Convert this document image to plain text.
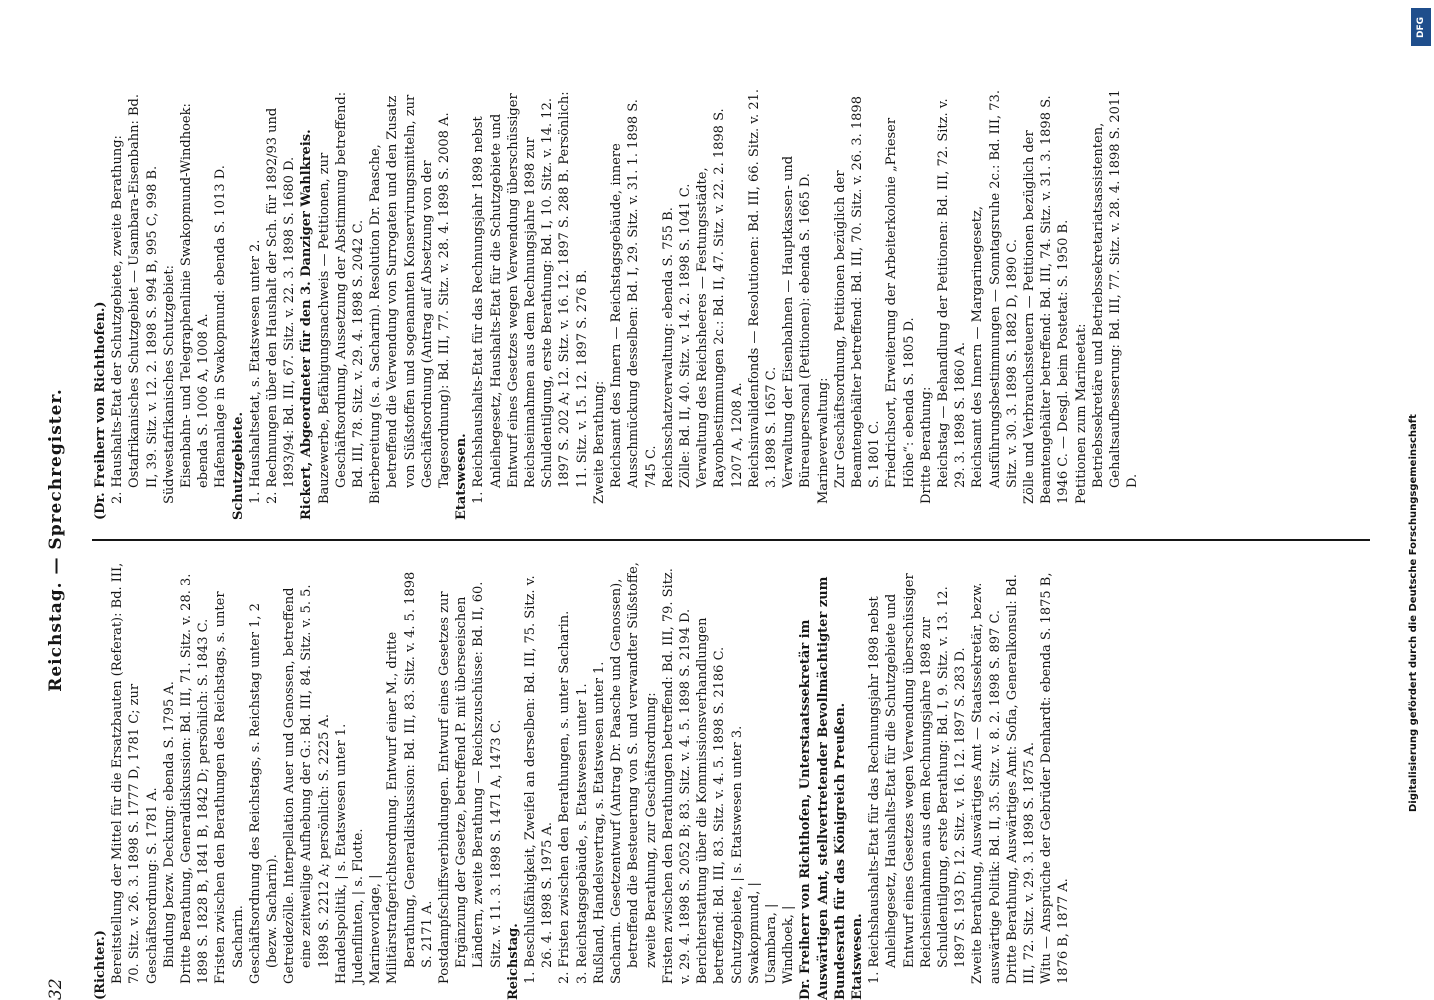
32
Reichstag. — Sprechregister.

(Richter.) Bereitstellung der Mittel für die Ersatzbauten (Referat): Bd. III, 70. Sitz. v. 26. 3. 1898 S. 1777 D, 1781 C; zur Geschäftsordnung: S. 1781 A. Bindung bezw. Deckung: ebenda S. 1795 A. Dritte Berathung, Generaldiskussion: Bd. III, 71. Sitz. v. 28. 3. 1898 S. 1828 B, 1841 B, 1842 D; persönlich: S. 1843 C. Fristen zwischen den Berathungen des Reichstags, s. unter Sacharin. Geschäftsordnung des Reichstags, s. Reichstag unter 1, 2 (bezw. Sacharin). Getreidezölle. Interpellation Auer und Genossen, betreffend eine zeitweilige Aufhebung der G.: Bd. III, 84. Sitz. v. 5. 5. 1898 S. 2212 A; persönlich: S. 2225 A. Handelspolitik, | s. Etatswesen unter 1. Judenflinten, | s. Flotte. Marinevorlage, | Militärstrafgerichtsordnung. Entwurf einer M., dritte Berathung, Generaldiskussion: Bd. III, 83. Sitz. v. 4. 5. 1898 S. 2171 A. Postdampfschiffsverbindungen. Entwurf eines Gesetzes zur Ergänzung der Gesetze, betreffend P. mit überseeischen Ländern, zweite Berathung — Reichszuschüsse: Bd. II, 60. Sitz. v. 11. 3. 1898 S. 1471 A, 1473 C. Reichstag. 1. Beschlußfähigkeit, Zweifel an derselben: Bd. III, 75. Sitz. v. 26. 4. 1898 S. 1975 A. 2. Fristen zwischen den Berathungen, s. unter Sacharin. 3. Reichstagsgebäude, s. Etatswesen unter 1. Rußland, Handelsvertrag, s. Etatswesen unter 1. Sacharin. Gesetzentwurf (Antrag Dr. Paasche und Genossen), betreffend die Besteuerung von S. und verwandter Süßstoffe, zweite Berathung, zur Geschäftsordnung: Fristen zwischen den Berathungen betreffend: Bd. III, 79. Sitz. v. 29. 4. 1898 S. 2052 B; 83. Sitz. v. 4. 5. 1898 S. 2194 D. Berichterstattung über die Kommissionsverhandlungen betreffend: Bd. III, 83. Sitz. v. 4. 5. 1898 S. 2186 C. Schutzgebiete, | s. Etatswesen unter 3. Swakopmund, | Usambara, | Windhoek, | Dr. Freiherr von Richthofen, Unterstaatssekretär im Auswärtigen Amt, stellvertretender Bevollmächtigter zum Bundesrath für das Königreich Preußen. Etatswesen. 1. Reichshaushalts-Etat für das Rechnungsjahr 1898 nebst Anleihegesetz, Haushalts-Etat für die Schutzgebiete und Entwurf eines Gesetzes wegen Verwendung überschüssiger Reichseinnahmen aus dem Rechnungsjahre 1898 zur Schuldentilgung, erste Berathung: Bd. I, 9. Sitz. v. 13. 12. 1897 S. 193 D; 12. Sitz. v. 16. 12. 1897 S. 283 D. Zweite Berathung, Auswärtiges Amt — Staatssekretär, bezw. auswärtige Politik: Bd. II, 35. Sitz. v. 8. 2. 1898 S. 897 C. Dritte Berathung, Auswärtiges Amt: Sofia, Generalkonsul: Bd. III, 72. Sitz. v. 29. 3. 1898 S. 1875 A. Witu — Ansprüche der Gebrüder Denhardt: ebenda S. 1875 B, 1876 B, 1877 A.

(Dr. Freiherr von Richthofen.) 2. Haushalts-Etat der Schutzgebiete, zweite Berathung: Ostafrikanisches Schutzgebiet — Usambara-Eisenbahn: Bd. II, 39. Sitz. v. 12. 2. 1898 S. 994 B, 995 C, 998 B. Südwestafrikanisches Schutzgebiet: Eisenbahn- und Telegraphenlinie Swakopmund-Windhoek: ebenda S. 1006 A, 1008 A. Hafenanlage in Swakopmund: ebenda S. 1013 D. Schutzgebiete. 1. Haushaltsetat, s. Etatswesen unter 2. 2. Rechnungen über den Haushalt der Sch. für 1892/93 und 1893/94: Bd. III, 67. Sitz. v. 22. 3. 1898 S. 1680 D. Rickert, Abgeordneter für den 3. Danziger Wahlkreis. Bauzewerbe, Befähigungsnachweis — Petitionen, zur Geschäftsordnung, Aussetzung der Abstimmung betreffend: Bd. III, 78. Sitz. v. 29. 4. 1898 S. 2042 C. Bierbereitung (s. a. Sacharin). Resolution Dr. Paasche, betreffend die Verwendung von Surrogaten und den Zusatz von Süßstoffen und sogenannten Konservirungsmitteln, zur Geschäftsordnung (Antrag auf Absetzung von der Tagesordnung): Bd. III, 77. Sitz. v. 28. 4. 1898 S. 2008 A. Etatswesen. 1. Reichshaushalts-Etat für das Rechnungsjahr 1898 nebst Anleihegesetz, Haushalts-Etat für die Schutzgebiete und Entwurf eines Gesetzes wegen Verwendung überschüssiger Reichseinnahmen aus dem Rechnungsjahre 1898 zur Schuldentilgung, erste Berathung: Bd. I, 10. Sitz. v. 14. 12. 1897 S. 202 A; 12. Sitz. v. 16. 12. 1897 S. 288 B. Persönlich: 11. Sitz. v. 15. 12. 1897 S. 276 B. Zweite Berathung: Reichsamt des Innern — Reichstagsgebäude, innere Ausschmückung desselben: Bd. I, 29. Sitz. v. 31. 1. 1898 S. 745 C. Reichsschatzverwaltung: ebenda S. 755 B. Zölle: Bd. II, 40. Sitz. v. 14. 2. 1898 S. 1041 C. Verwaltung des Reichsheeres — Festungsstädte, Rayonbestimmungen 2c.: Bd. II, 47. Sitz. v. 22. 2. 1898 S. 1207 A, 1208 A. Reichsinvalidenfonds — Resolutionen: Bd. III, 66. Sitz. v. 21. 3. 1898 S. 1657 C. Verwaltung der Eisenbahnen — Hauptkassen- und Büreaupersonal (Petitionen): ebenda S. 1665 D. Marineverwaltung: Zur Geschäftsordnung, Petitionen bezüglich der Beamtengehälter betreffend: Bd. III, 70. Sitz. v. 26. 3. 1898 S. 1801 C. Friedrichsort, Erweiterung der Arbeiterkolonie „Prieser Höhe“: ebenda S. 1805 D. Dritte Berathung: Reichstag — Behandlung der Petitionen: Bd. III, 72. Sitz. v. 29. 3. 1898 S. 1860 A. Reichsamt des Innern — Margarinegesetz, Ausführungsbestimmungen — Sonntagsruhe 2c.: Bd. III, 73. Sitz. v. 30. 3. 1898 S. 1882 D, 1890 C. Zölle und Verbrauchssteuern — Petitionen bezüglich der Beamtengehälter betreffend: Bd. III, 74. Sitz. v. 31. 3. 1898 S. 1946 C. — Desgl. beim Postetat: S. 1950 B. Petitionen zum Marineetat: Betriebssekretäre und Betriebssekretariatsassistenten, Gehaltsaufbesserung: Bd. III, 77. Sitz. v. 28. 4. 1898 S. 2011 D.

DFG
Digitalisierung gefördert durch die Deutsche Forschungsgemeinschaft
